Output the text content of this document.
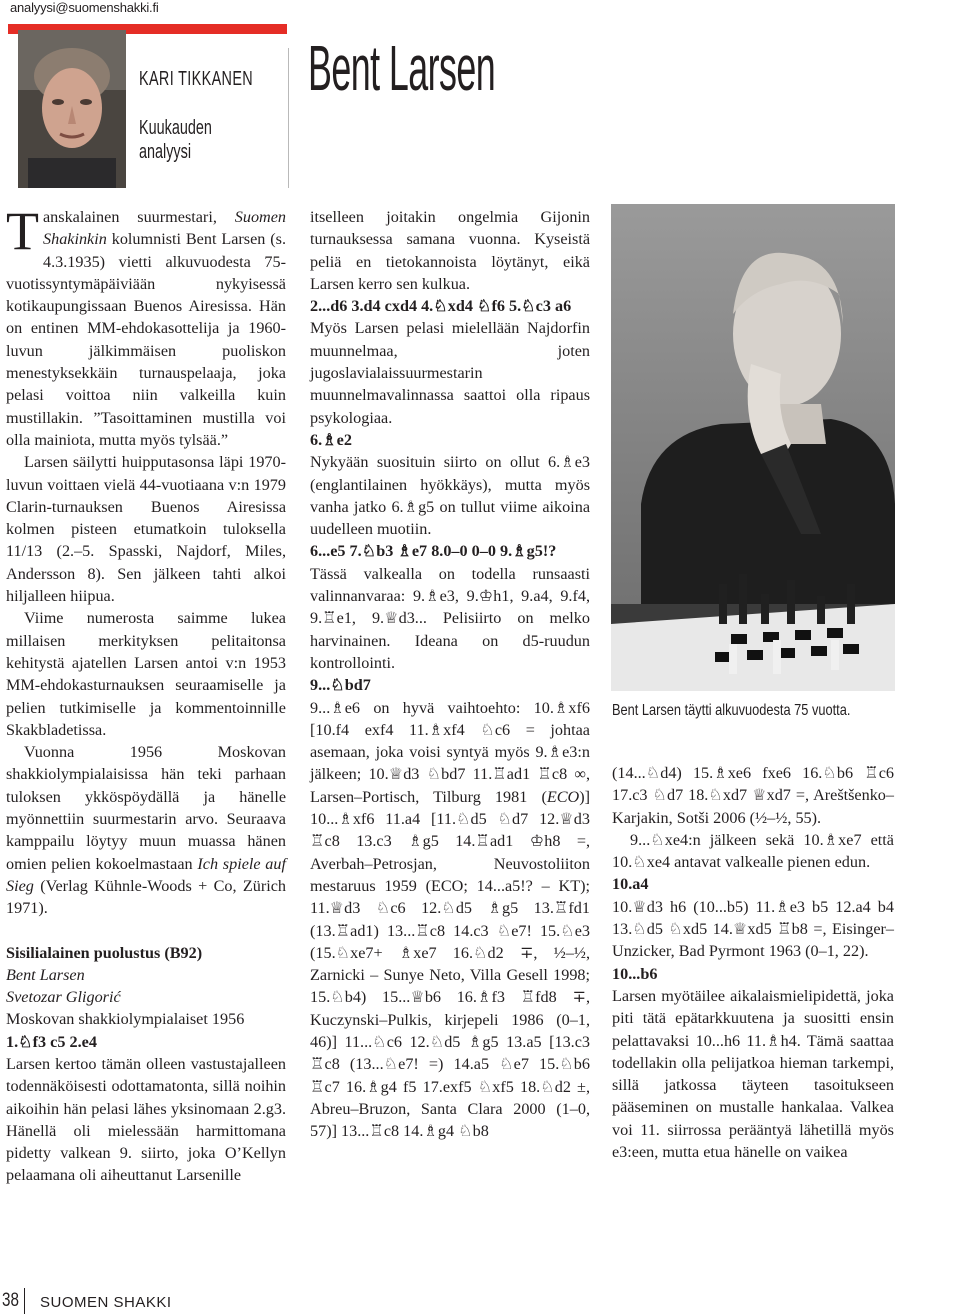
analyysi@suomenshakki.fi
KARI TIKKANEN
Kuukauden
analyysi
Bent Larsen

Tanskalainen suurmestari, Suomen Shakinkin kolumnisti Bent Larsen (s. 4.3.1935) vietti alkuvuodesta 75-vuotissyntymäpäiviään nykyisessä kotikaupungissaan Buenos Airesissa. Hän on entinen MM-ehdokasottelija ja 1960-luvun jälkimmäisen puoliskon menestyksekkäin turnauspelaaja, joka pelasi voittoa niin valkeilla kuin mustillakin. ”Tasoittaminen mustilla voi olla mainiota, mutta myös tylsää.”

Larsen säilytti huipputasonsa läpi 1970-luvun voittaen vielä 44-vuotiaana v:n 1979 Clarin-turnauksen Buenos Airesissa kolmen pisteen etumatkoin tuloksella 11/13 (2.–5. Spasski, Najdorf, Miles, Andersson 8). Sen jälkeen tahti alkoi hiljalleen hiipua.

Viime numerosta saimme lukea millaisen merkityksen pelitaitonsa kehitystä ajatellen Larsen antoi v:n 1953 MM-ehdokasturnauksen seuraamiselle ja pelien tutkimiselle ja kommentoinnille Skakbladetissa.

Vuonna 1956 Moskovan shakkiolympialaisissa hän teki parhaan tuloksen ykköspöydällä ja hänelle myönnettiin suurmestarin arvo. Seuraava kamppailu löytyy muun muassa hänen omien pelien kokoelmastaan Ich spiele auf Sieg (Verlag Kühnle-Woods + Co, Zürich 1971).

Sisilialainen puolustus (B92)

Bent Larsen

Svetozar Gligorić

Moskovan shakkiolympialaiset 1956

1.♘f3 c5 2.e4

Larsen kertoo tämän olleen vastustajalleen todennäköisesti odottamatonta, sillä noihin aikoihin hän pelasi lähes yksinomaan 2.g3. Hänellä oli mielessään harmittomana pidetty valkean 9. siirto, joka O’Kellyn pelaamana oli aiheuttanut Larsenille

itselleen joitakin ongelmia Gijonin turnauksessa samana vuonna. Kyseistä peliä en tietokannoista löytänyt, eikä Larsen kerro sen kulkua.

2...d6 3.d4 cxd4 4.♘xd4 ♘f6 5.♘c3 a6

Myös Larsen pelasi mielellään Najdorfin muunnelmaa, joten jugoslavialaissuurmestarin muunnelmavalinnassa saattoi olla ripaus psykologiaa.

6.♗e2

Nykyään suosituin siirto on ollut 6.♗e3 (englantilainen hyökkäys), mutta myös vanha jatko 6.♗g5 on tullut viime aikoina uudelleen muotiin.

6...e5 7.♘b3 ♗e7 8.0–0 0–0 9.♗g5!?

Tässä valkealla on todella runsaasti valinnanvaraa: 9.♗e3, 9.♔h1, 9.a4, 9.f4, 9.♖e1, 9.♕d3... Pelisiirto on melko harvinainen. Ideana on d5-ruudun kontrollointi.

9...♘bd7

9...♗e6 on hyvä vaihtoehto: 10.♗xf6 [10.f4 exf4 11.♗xf4 ♘c6 = johtaa asemaan, joka voisi syntyä myös 9.♗e3:n jälkeen; 10.♕d3 ♘bd7 11.♖ad1 ♖c8 ∞, Larsen–Portisch, Tilburg 1981 (ECO)] 10...♗xf6 11.a4 [11.♘d5 ♘d7 12.♕d3 ♖c8 13.c3 ♗g5 14.♖ad1 ♔h8 =, Averbah–Petrosjan, Neuvostoliiton mestaruus 1959 (ECO; 14...a5!? – KT); 11.♕d3 ♘c6 12.♘d5 ♗g5 13.♖fd1 (13.♖ad1) 13...♖c8 14.c3 ♘e7! 15.♘e3 (15.♘xe7+ ♗xe7 16.♘d2 ∓, ½–½, Zarnicki – Sunye Neto, Villa Gesell 1998; 15.♘b4) 15...♕b6 16.♗f3 ♖fd8 ∓, Kuczynski–Pulkis, kirjepeli 1986 (0–1, 46)] 11...♘c6 12.♘d5 ♗g5 13.a5 [13.c3 ♖c8 (13...♘e7! =) 14.a5 ♘e7 15.♘b6 ♖c7 16.♗g4 f5 17.exf5 ♘xf5 18.♘d2 ±, Abreu–Bruzon, Santa Clara 2000 (1–0, 57)] 13...♖c8 14.♗g4 ♘b8

Bent Larsen täytti alkuvuodesta 75 vuotta.

(14...♘d4) 15.♗xe6 fxe6 16.♘b6 ♖c6 17.c3 ♘d7 18.♘xd7 ♕xd7 =, Areštšenko–Karjakin, Sotši 2006 (½–½, 55).

9...♘xe4:n jälkeen sekä 10.♗xe7 että 10.♘xe4 antavat valkealle pienen edun.

10.a4

10.♕d3 h6 (10...b5) 11.♗e3 b5 12.a4 b4 13.♘d5 ♘xd5 14.♕xd5 ♖b8 =, Eisinger–Unzicker, Bad Pyrmont 1963 (0–1, 22).

10...b6

Larsen myötäilee aikalaismielipidettä, joka piti tätä epätarkkuutena ja suositti ensin pelattavaksi 10...h6 11.♗h4. Tämä saattaa todellakin olla pelijatkoa hieman tarkempi, sillä jatkossa täyteen tasoitukseen pääseminen on mustalle hankalaa. Valkea voi 11. siirrossa perääntyä lähetillä myös e3:een, mutta etua hänelle on vaikea

38 SUOMEN SHAKKI
